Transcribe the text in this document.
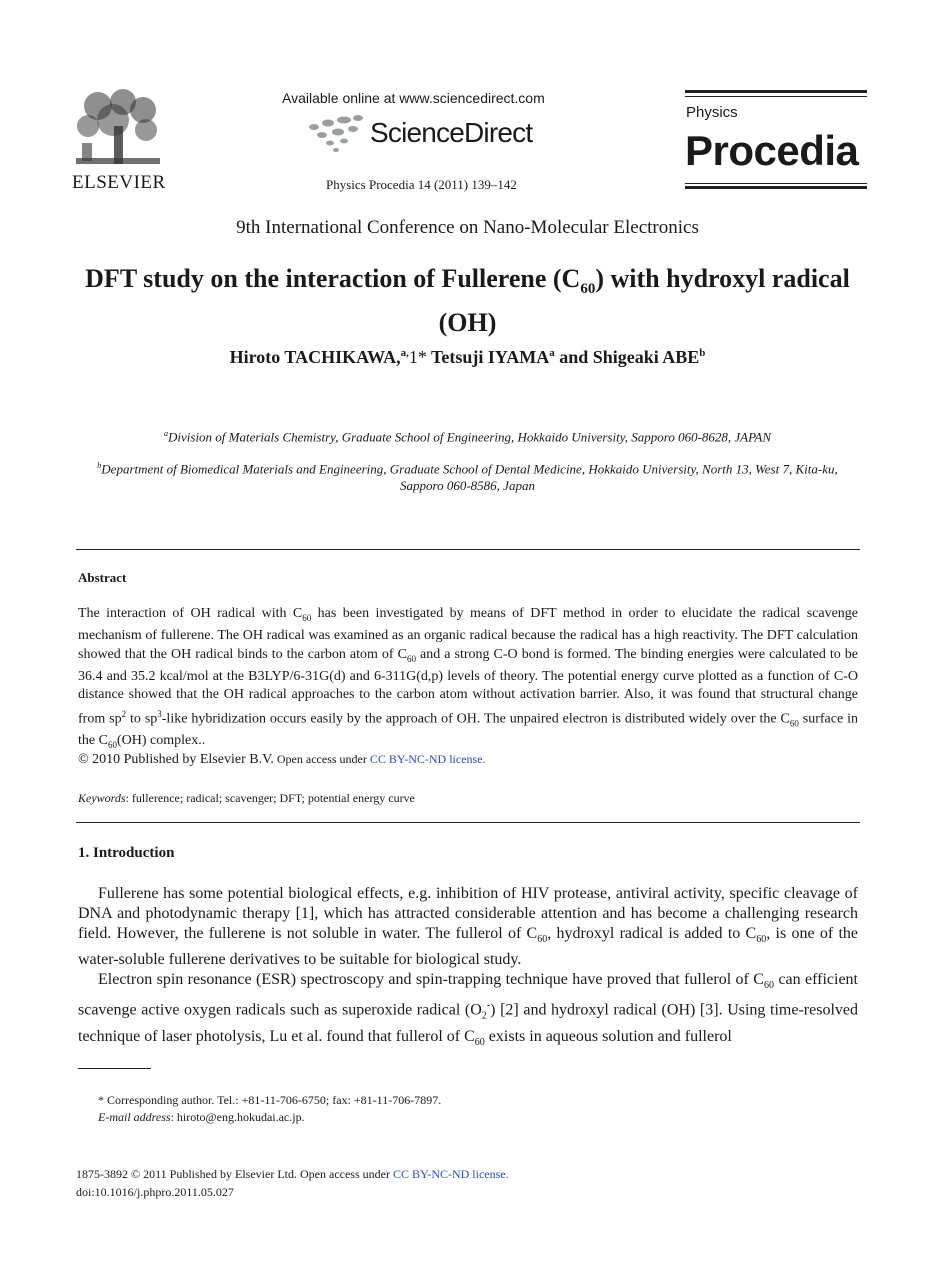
ELSEVIER
Available online at www.sciencedirect.com
ScienceDirect
Physics Procedia 14 (2011) 139–142
Physics
Procedia
9th International Conference on Nano-Molecular Electronics
DFT study on the interaction of Fullerene $(C_{60})$ with hydroxyl radical (OH)
Hiroto TACHIKAWA,$^{a,}$1* Tetsuji IYAMA$^a$ and Shigeaki ABE$^b$
$^a$Division of Materials Chemistry, Graduate School of Engineering, Hokkaido University, Sapporo 060-8628, JAPAN
$^b$Department of Biomedical Materials and Engineering, Graduate School of Dental Medicine, Hokkaido University, North 13, West 7, Kita-ku, Sapporo 060-8586, Japan
Abstract
The interaction of OH radical with $C_{60}$ has been investigated by means of DFT method in order to elucidate the radical scavenge mechanism of fullerene. The OH radical was examined as an organic radical because the radical has a high reactivity. The DFT calculation showed that the OH radical binds to the carbon atom of $C_{60}$ and a strong C-O bond is formed. The binding energies were calculated to be 36.4 and 35.2 kcal/mol at the B3LYP/6-31G(d) and 6-311G(d,p) levels of theory. The potential energy curve plotted as a function of C-O distance showed that the OH radical approaches to the carbon atom without activation barrier. Also, it was found that structural change from $sp^2$ to $sp^3$-like hybridization occurs easily by the approach of OH. The unpaired electron is distributed widely over the $C_{60}$ surface in the $C_{60}(OH)$ complex..
© 2010 Published by Elsevier B.V. Open access under CC BY-NC-ND license.
Keywords: fullerence; radical; scavenger; DFT; potential energy curve
1. Introduction

Fullerene has some potential biological effects, e.g. inhibition of HIV protease, antiviral activity, specific cleavage of DNA and photodynamic therapy [1], which has attracted considerable attention and has become a challenging research field. However, the fullerene is not soluble in water. The fullerol of $C_{60}$, hydroxyl radical is added to $C_{60}$, is one of the water-soluble fullerene derivatives to be suitable for biological study.

Electron spin resonance (ESR) spectroscopy and spin-trapping technique have proved that fullerol of $C_{60}$ can efficient scavenge active oxygen radicals such as superoxide radical $(O_2^-)$ [2] and hydroxyl radical (OH) [3]. Using time-resolved technique of laser photolysis, Lu et al. found that fullerol of $C_{60}$ exists in aqueous solution and fullerol

* Corresponding author. Tel.: +81-11-706-6750; fax: +81-11-706-7897.
E-mail address: hiroto@eng.hokudai.ac.jp.
1875-3892 © 2011 Published by Elsevier Ltd. Open access under CC BY-NC-ND license.
doi:10.1016/j.phpro.2011.05.027
